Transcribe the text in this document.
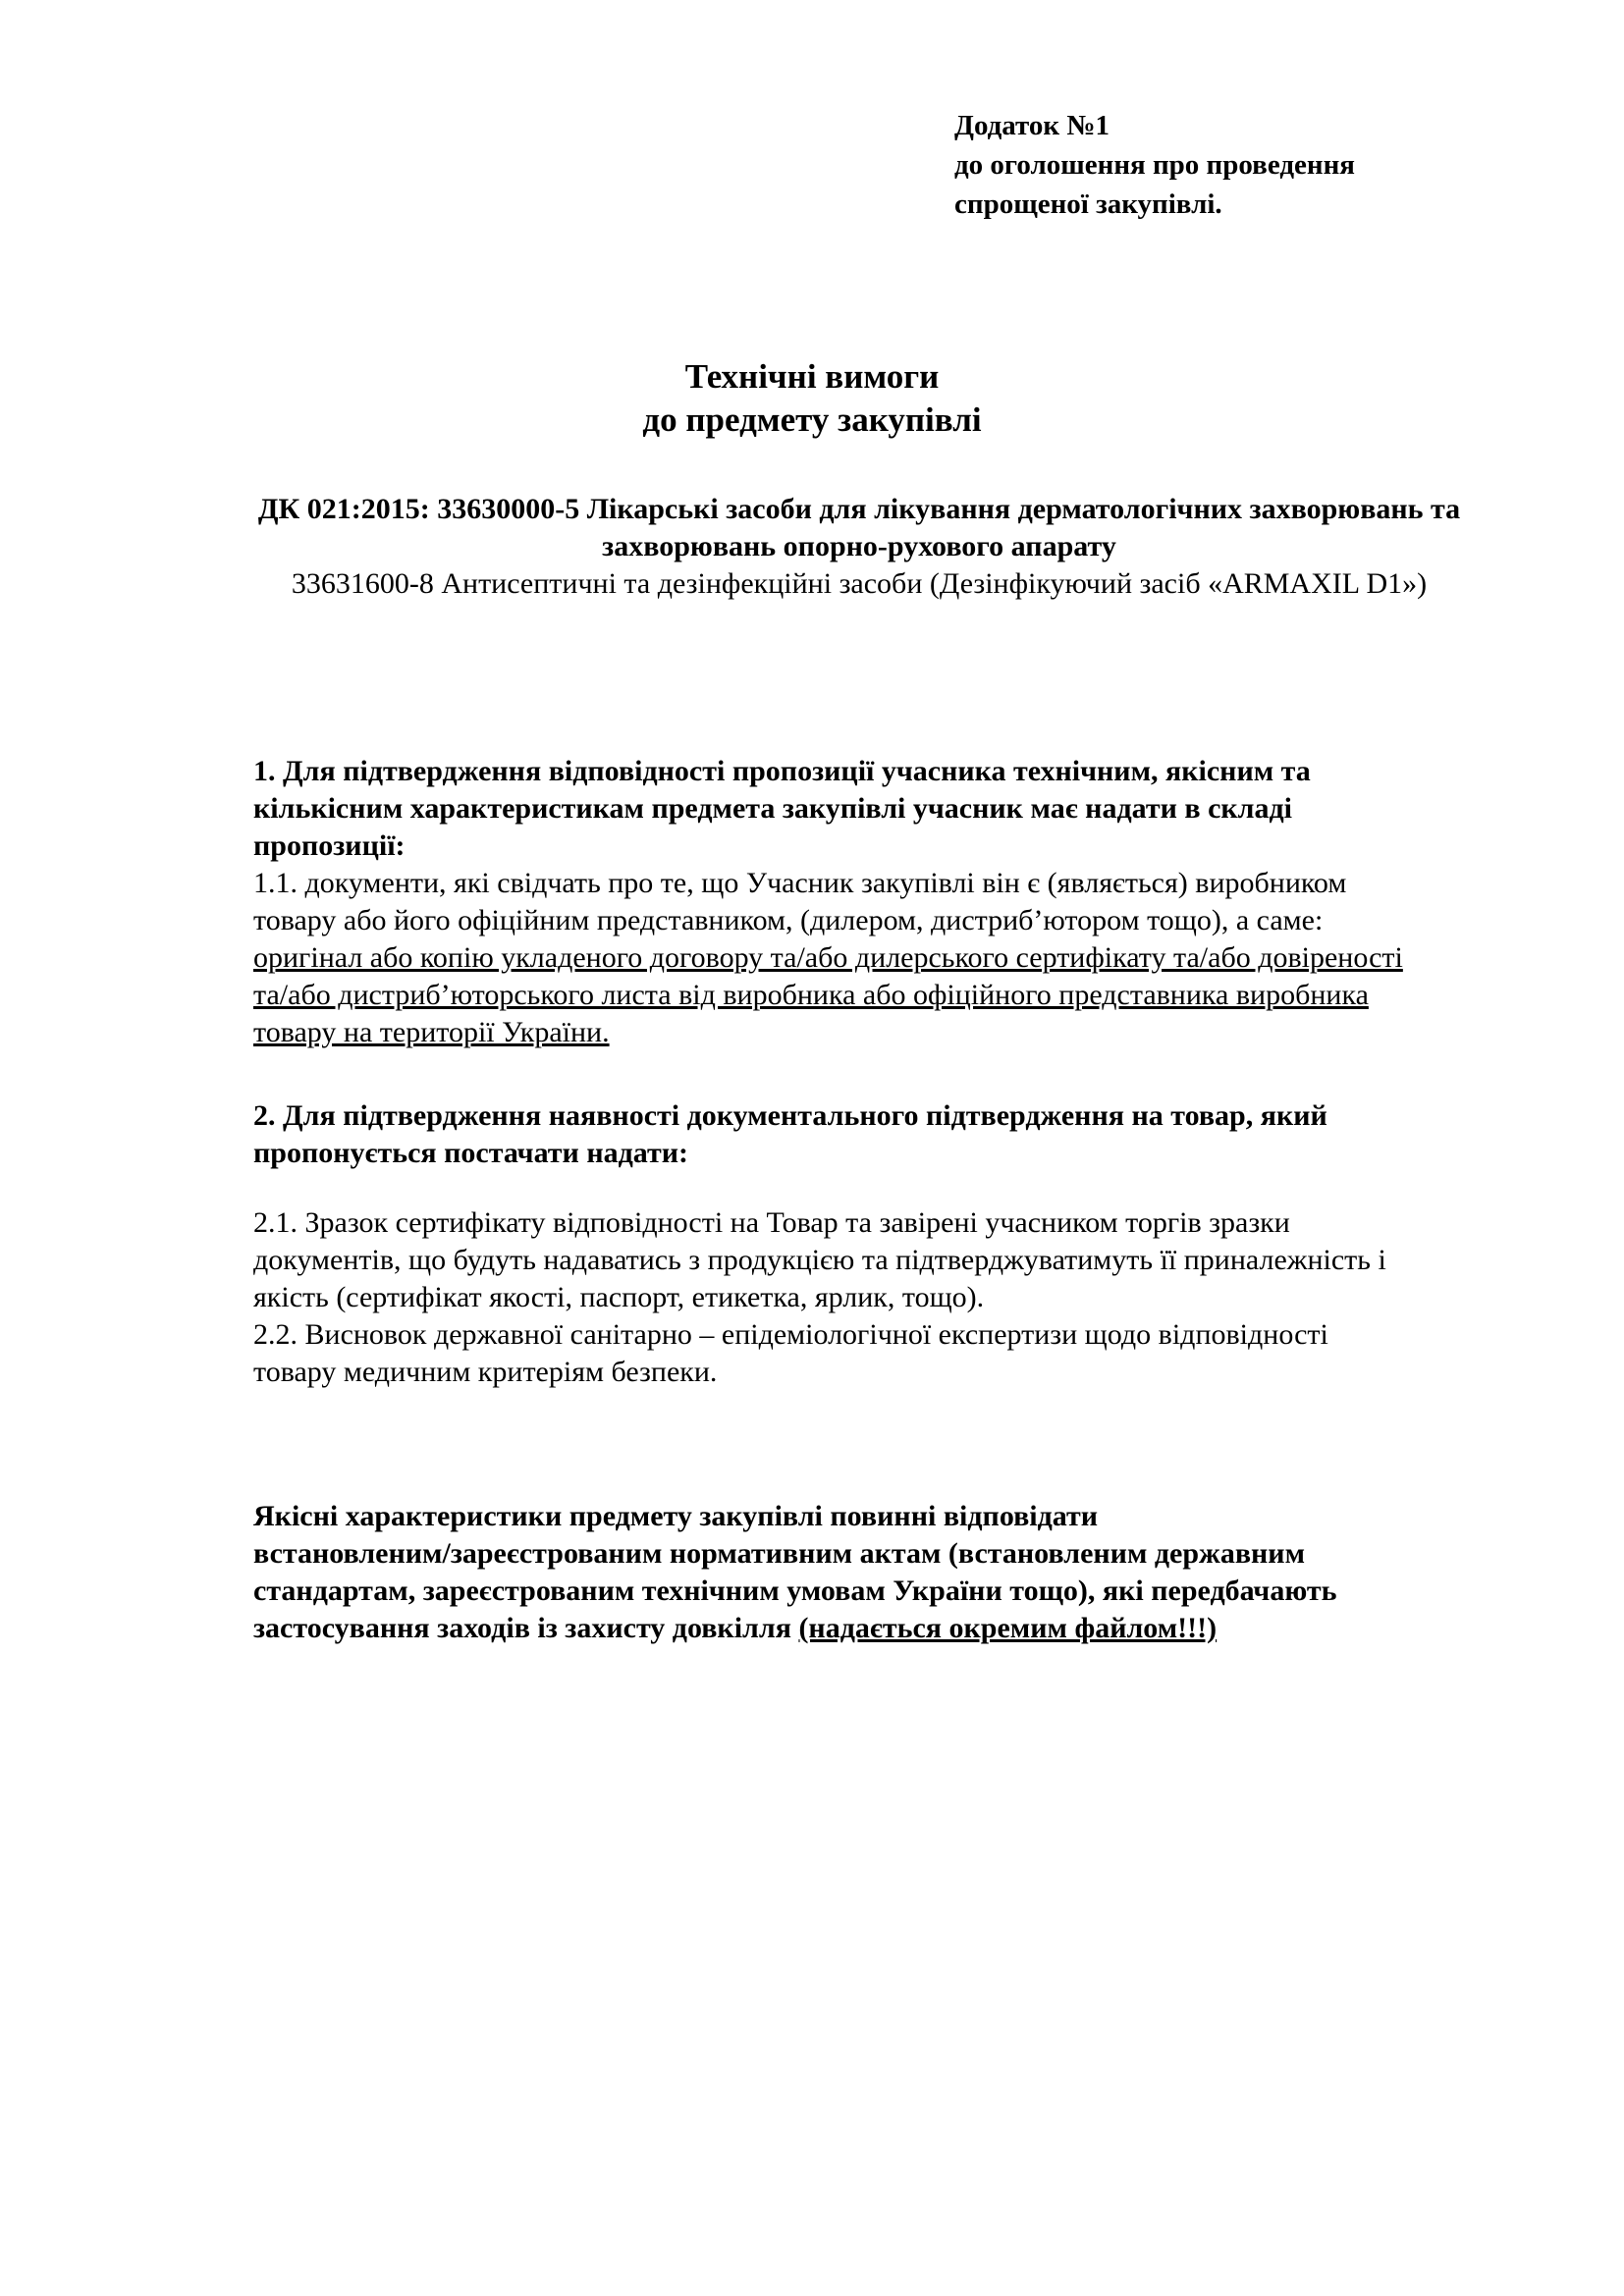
Додаток №1
до оголошення про проведення
спрощеної закупівлі.
Технічні вимоги
до предмету закупівлі
ДК 021:2015: 33630000-5 Лікарські засоби для лікування дерматологічних захворювань та
захворювань опорно-рухового апарату
33631600-8 Антисептичні та дезінфекційні засоби (Дезінфікуючий засіб «ARMAXIL D1»)
1. Для підтвердження відповідності пропозиції учасника технічним, якісним та
кількісним характеристикам предмета закупівлі учасник має надати в складі
пропозиції:
1.1. документи, які свідчать про те, що Учасник закупівлі він є (являється) виробником
товару або його офіційним представником, (дилером, дистриб’ютором тощо), а саме:
оригінал або копію укладеного договору та/або дилерського сертифікату та/або довіреності
та/або дистриб’юторського листа від виробника або офіційного представника виробника
товару на території України.
2. Для підтвердження наявності документального підтвердження на товар, який
пропонується постачати надати:
2.1. Зразок сертифікату відповідності на Товар та завірені учасником торгів зразки
документів, що будуть надаватись з продукцією та підтверджуватимуть її приналежність і
якість (сертифікат якості, паспорт, етикетка, ярлик, тощо).
2.2. Висновок державної санітарно – епідеміологічної експертизи щодо відповідності
товару медичним критеріям безпеки.
Якісні характеристики предмету закупівлі повинні відповідати
встановленим/зареєстрованим нормативним актам (встановленим державним
стандартам, зареєстрованим технічним умовам України тощо), які передбачають
застосування заходів із захисту довкілля (надається окремим файлом!!!)
